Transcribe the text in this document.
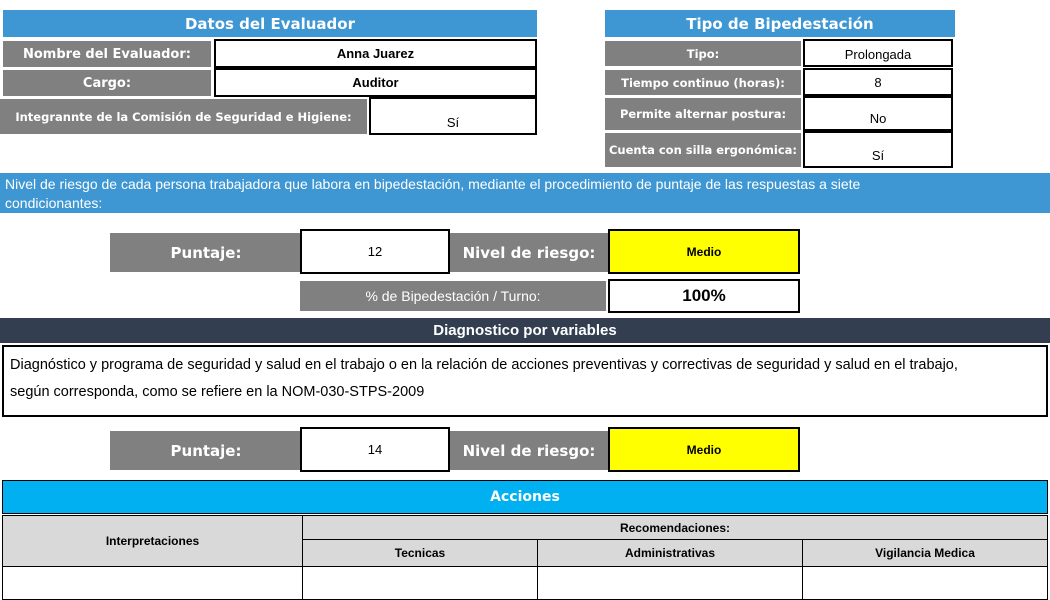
Datos del Evaluador
Nombre del Evaluador:	Anna Juarez
Cargo:	Auditor
Integrannte de la Comisión de Seguridad e Higiene:	Sí
Tipo de Bipedestación
Tipo:	Prolongada
Tiempo continuo (horas):	8
Permite alternar postura:	No
Cuenta con silla ergonómica:	Sí
Nivel de riesgo de cada persona trabajadora que labora en bipedestación, mediante el procedimiento de puntaje de las respuestas a siete
condicionantes:
Puntaje:	12	Nivel de riesgo:	Medio
% de Bipedestación / Turno:	100%
Diagnostico por variables
Diagnóstico y programa de seguridad y salud en el trabajo o en la relación de acciones preventivas y correctivas de seguridad y salud en el trabajo,
según corresponda, como se refiere en la NOM-030-STPS-2009
Puntaje:	14	Nivel de riesgo:	Medio
Acciones
Interpretaciones
Recomendaciones:
Tecnicas	Administrativas	Vigilancia Medica
